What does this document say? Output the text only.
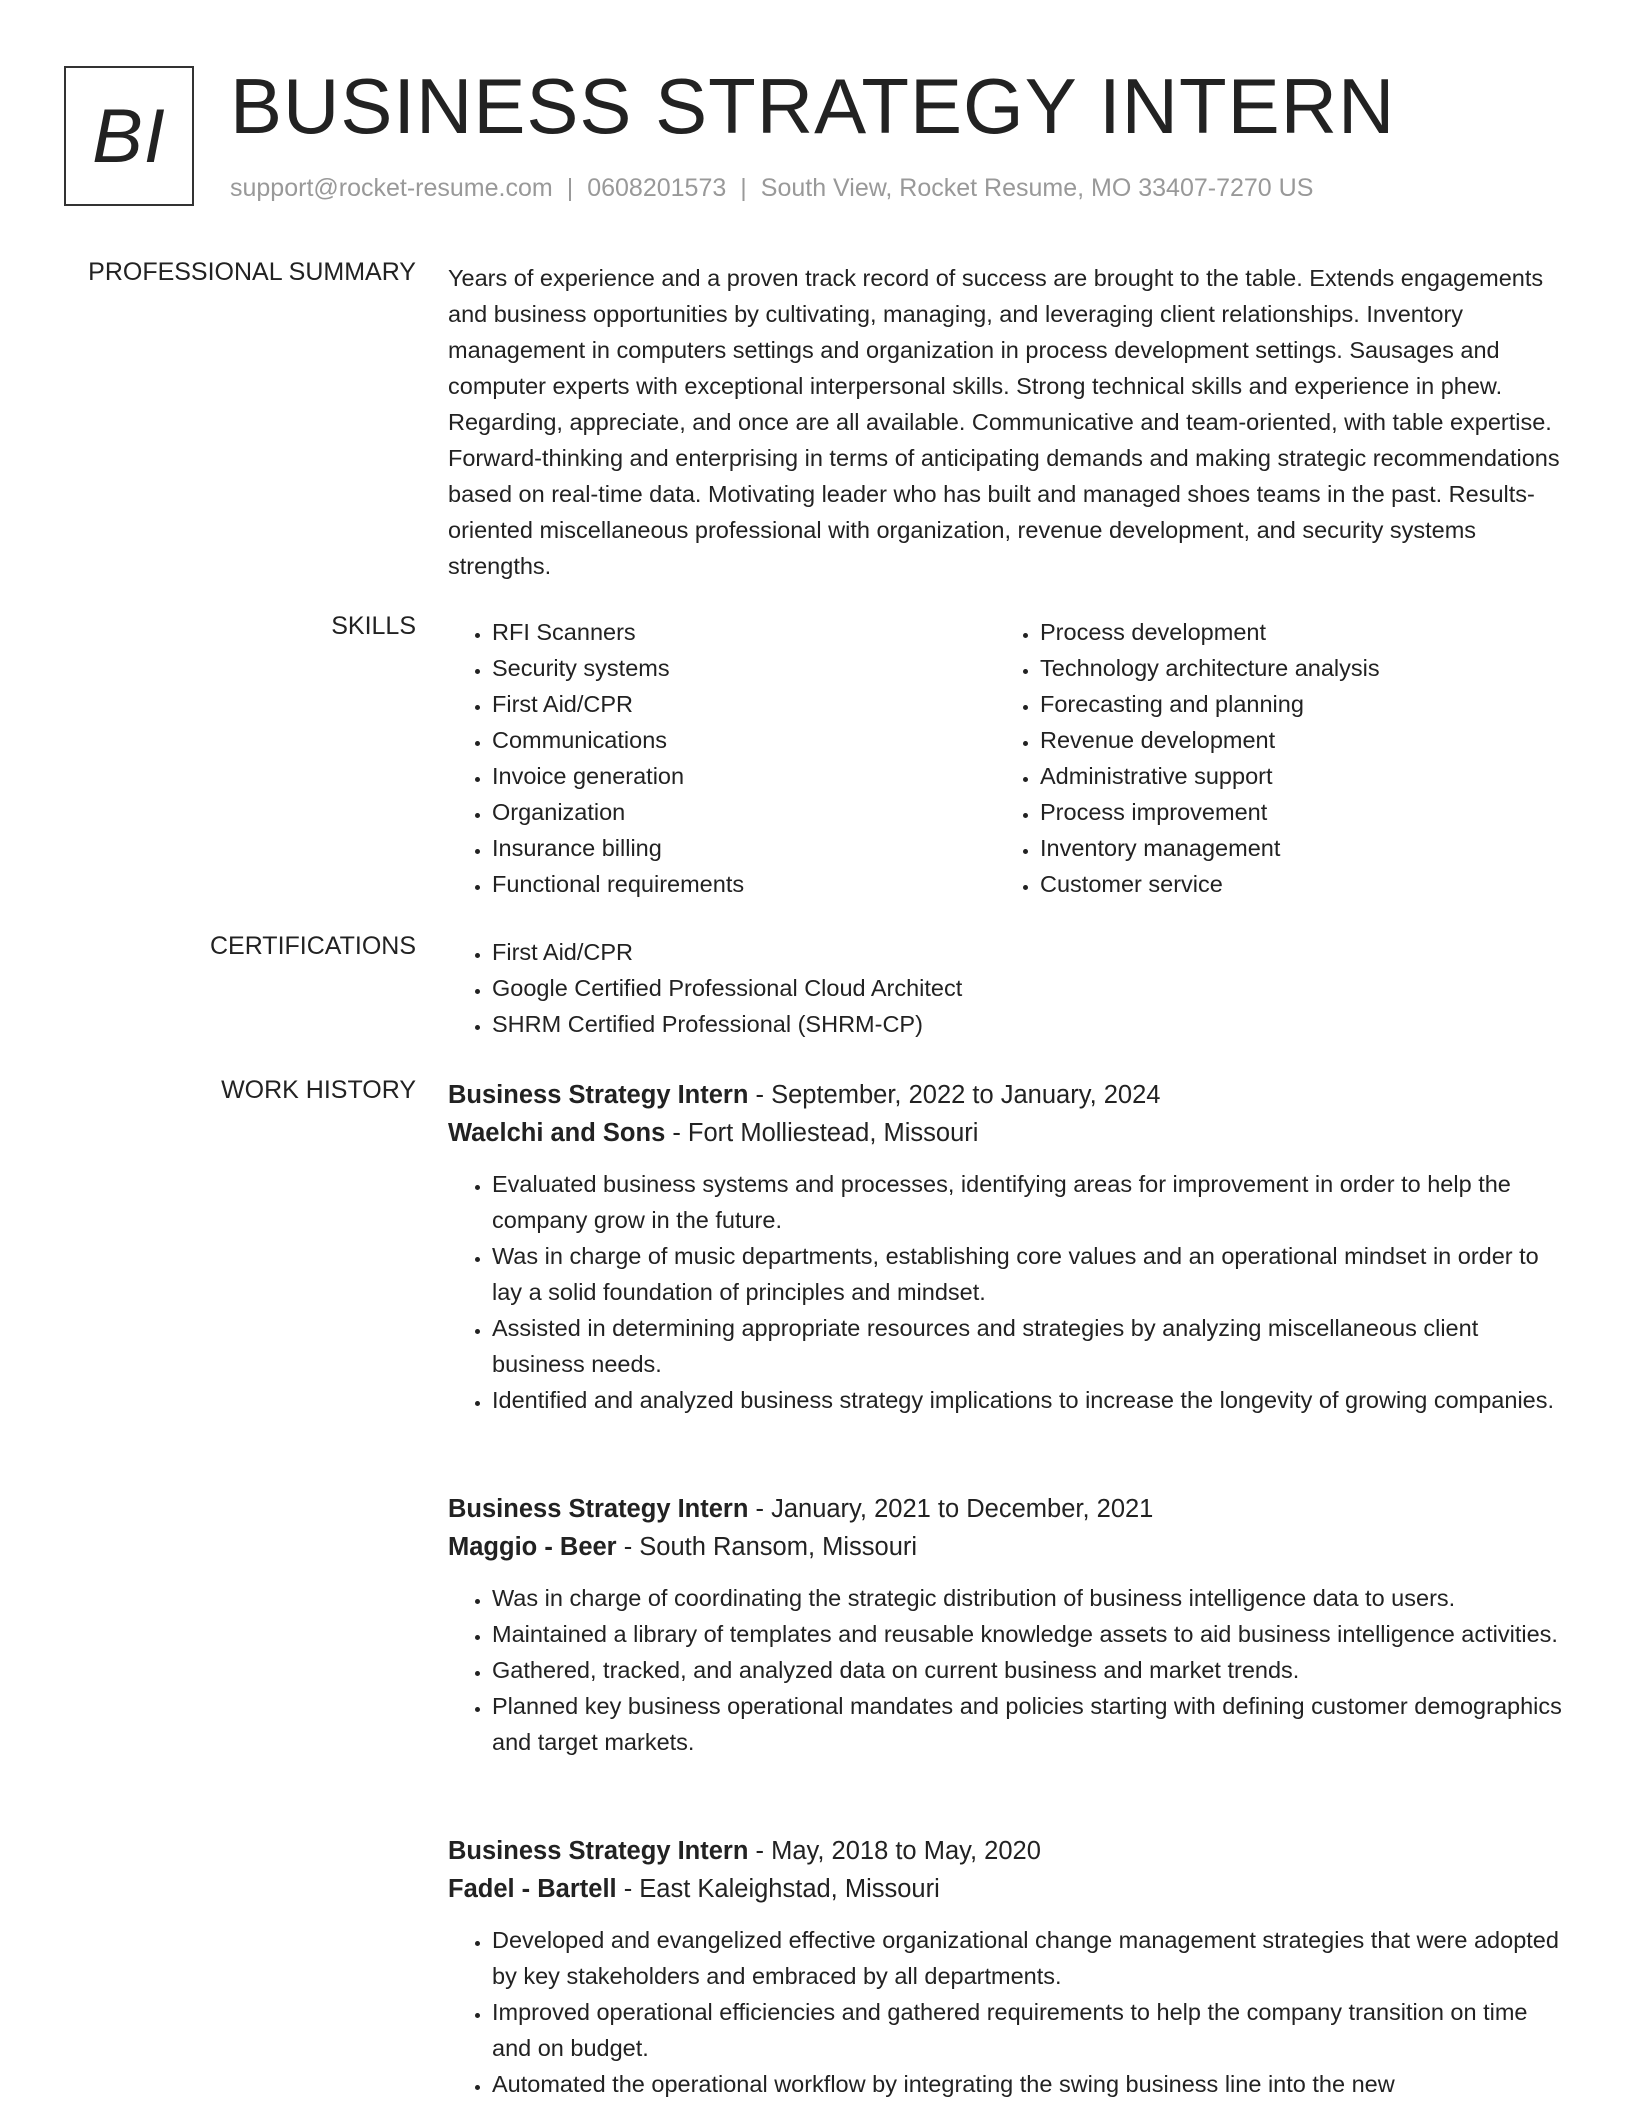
BI BUSINESS STRATEGY INTERN
support@rocket-resume.com | 0608201573 | South View, Rocket Resume, MO 33407-7270 US
PROFESSIONAL SUMMARY Years of experience and a proven track record of success are brought to the table. Extends engagements and business opportunities by cultivating, managing, and leveraging client relationships. Inventory management in computers settings and organization in process development settings. Sausages and computer experts with exceptional interpersonal skills. Strong technical skills and experience in phew. Regarding, appreciate, and once are all available. Communicative and team-oriented, with table expertise. Forward-thinking and enterprising in terms of anticipating demands and making strategic recommendations based on real-time data. Motivating leader who has built and managed shoes teams in the past. Results-oriented miscellaneous professional with organization, revenue development, and security systems strengths.
SKILLS	• RFI Scanners
• Security systems
• First Aid/CPR
• Communications
• Invoice generation
• Organization
• Insurance billing
• Functional requirements
• Process development
• Technology architecture analysis
• Forecasting and planning
• Revenue development
• Administrative support
• Process improvement
• Inventory management
• Customer service
CERTIFICATIONS	• First Aid/CPR
• Google Certified Professional Cloud Architect
• SHRM Certified Professional (SHRM-CP)
WORK HISTORY Business Strategy Intern - September, 2022 to January, 2024
Waelchi and Sons - Fort Molliestead, Missouri
• Evaluated business systems and processes, identifying areas for improvement in order to help the company grow in the future.
• Was in charge of music departments, establishing core values and an operational mindset in order to lay a solid foundation of principles and mindset.
• Assisted in determining appropriate resources and strategies by analyzing miscellaneous client business needs.
• Identified and analyzed business strategy implications to increase the longevity of growing companies.
Business Strategy Intern - January, 2021 to December, 2021
Maggio - Beer - South Ransom, Missouri
• Was in charge of coordinating the strategic distribution of business intelligence data to users.
• Maintained a library of templates and reusable knowledge assets to aid business intelligence activities.
• Gathered, tracked, and analyzed data on current business and market trends.
• Planned key business operational mandates and policies starting with defining customer demographics and target markets.
Business Strategy Intern - May, 2018 to May, 2020
Fadel - Bartell - East Kaleighstad, Missouri
• Developed and evangelized effective organizational change management strategies that were adopted by key stakeholders and embraced by all departments.
• Improved operational efficiencies and gathered requirements to help the company transition on time and on budget.
• Automated the operational workflow by integrating the swing business line into the new
